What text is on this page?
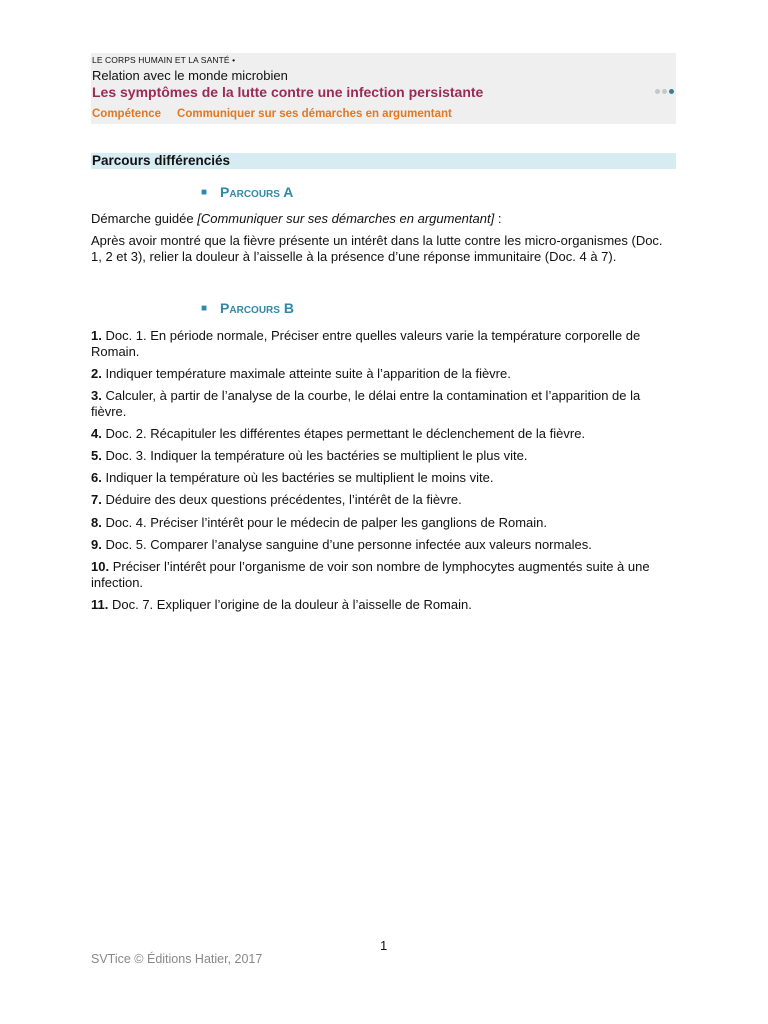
LE CORPS HUMAIN ET LA SANTÉ •
Relation avec le monde microbien
Les symptômes de la lutte contre une infection persistante
Compétence Communiquer sur ses démarches en argumentant
Parcours différenciés
■ Parcours A
Démarche guidée [Communiquer sur ses démarches en argumentant] :
Après avoir montré que la fièvre présente un intérêt dans la lutte contre les micro-organismes (Doc. 1, 2 et 3), relier la douleur à l’aisselle à la présence d’une réponse immunitaire (Doc. 4 à 7).
■ Parcours B
1. Doc. 1. En période normale, Préciser entre quelles valeurs varie la température corporelle de Romain.
2. Indiquer température maximale atteinte suite à l’apparition de la fièvre.
3. Calculer, à partir de l’analyse de la courbe, le délai entre la contamination et l’apparition de la fièvre.
4. Doc. 2. Récapituler les différentes étapes permettant le déclenchement de la fièvre.
5. Doc. 3. Indiquer la température où les bactéries se multiplient le plus vite.
6. Indiquer la température où les bactéries se multiplient le moins vite.
7. Déduire des deux questions précédentes, l’intérêt de la fièvre.
8. Doc. 4. Préciser l’intérêt pour le médecin de palper les ganglions de Romain.
9. Doc. 5. Comparer l’analyse sanguine d’une personne infectée aux valeurs normales.
10. Préciser l’intérêt pour l’organisme de voir son nombre de lymphocytes augmentés suite à une infection.
11. Doc. 7. Expliquer l’origine de la douleur à l’aisselle de Romain.
1
SVTice © Éditions Hatier, 2017
